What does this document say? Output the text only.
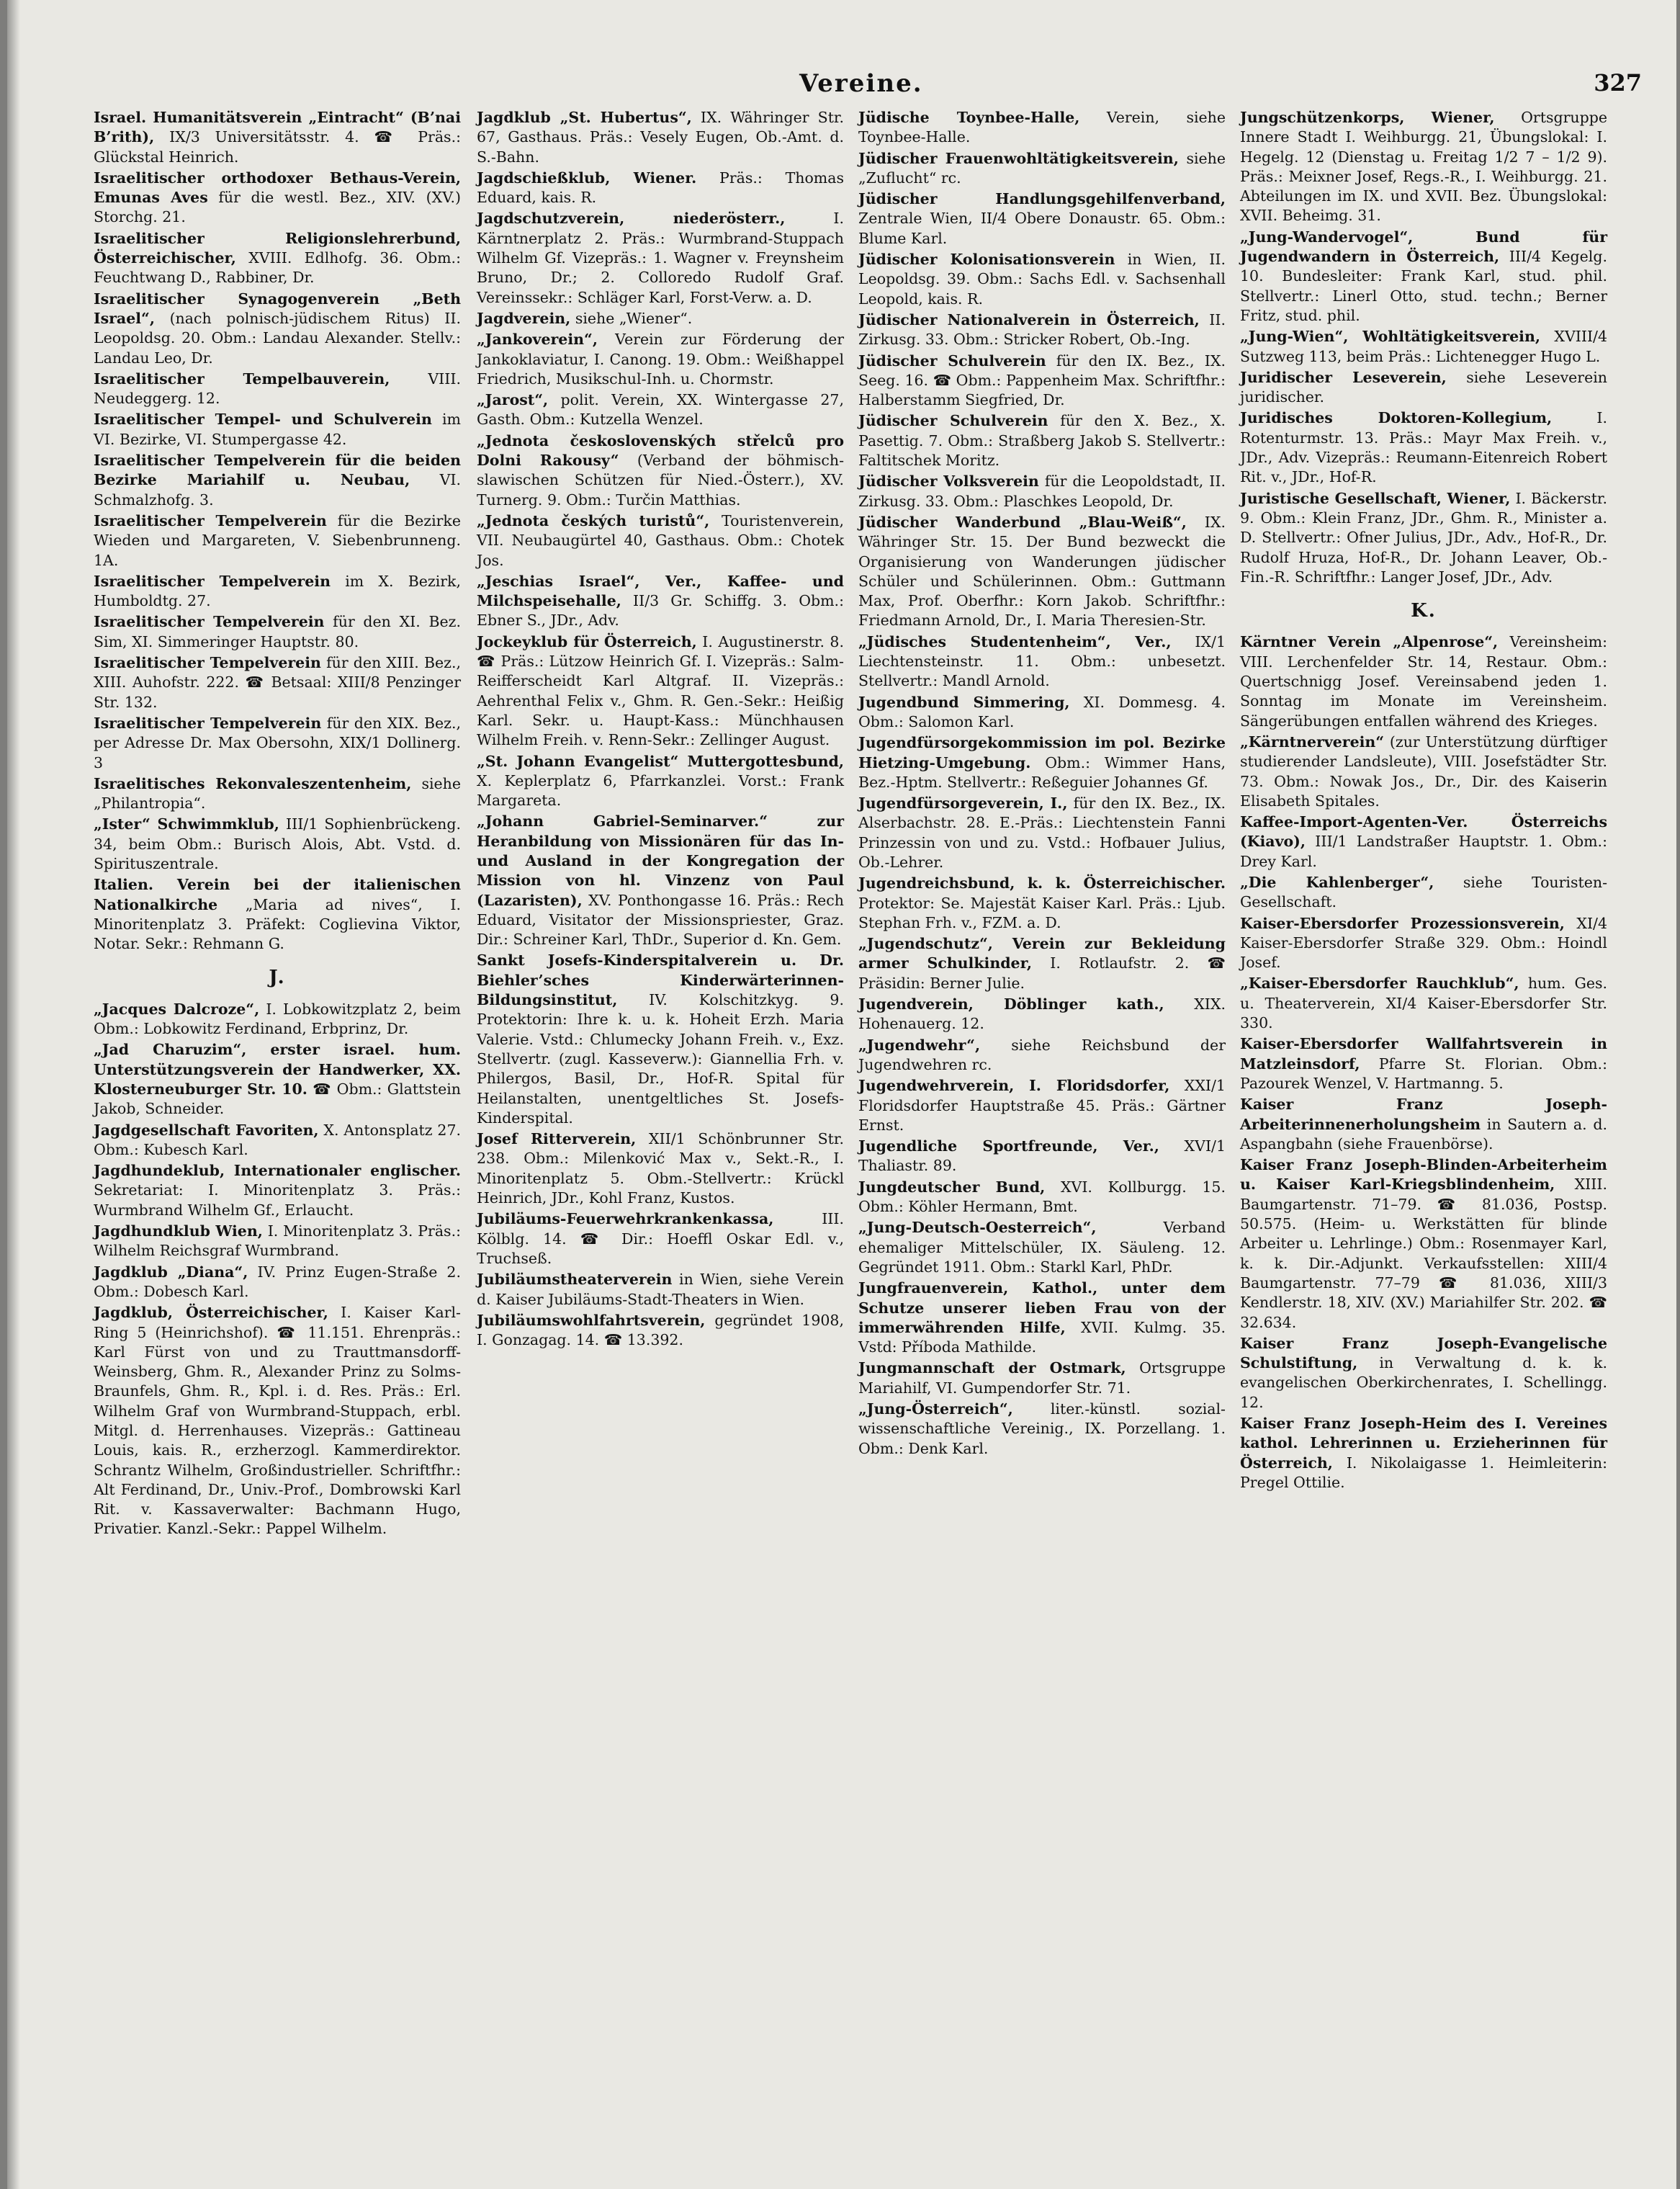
Vereine.	327

Israel. Humanitätsverein „Eintracht“ (B’nai B’rith), IX/3 Universitätsstr. 4. ☎ Präs.: Glückstal Heinrich.

Israelitischer orthodoxer Bethaus-Verein, Emunas Aves für die westl. Bez., XIV. (XV.) Storchg. 21.

Israelitischer Religionslehrerbund, Österreichischer, XVIII. Edlhofg. 36. Obm.: Feuchtwang D., Rabbiner, Dr.

Israelitischer Synagogenverein „Beth Israel“, (nach polnisch-jüdischem Ritus) II. Leopoldsg. 20. Obm.: Landau Alexander. Stellv.: Landau Leo, Dr.

Israelitischer Tempelbauverein,	VIII. Neudeggerg. 12.

Israelitischer Tempel- und Schulverein im VI. Bezirke, VI. Stumpergasse 42.

Israelitischer Tempelverein für die beiden Bezirke Mariahilf u. Neubau, VI. Schmalzhofg. 3.

Israelitischer Tempelverein für die Bezirke Wieden und Margareten, V. Siebenbrunneng. 1A.

Israelitischer Tempelverein im X. Bezirk, Humboldtg. 27.

Israelitischer Tempelverein für den XI. Bez. Sim, XI. Simmeringer Hauptstr. 80.

Israelitischer Tempelverein für den XIII. Bez., XIII. Auhofstr. 222. ☎ Betsaal: XIII/8 Penzinger Str. 132.

Israelitischer Tempelverein für den XIX. Bez., per Adresse Dr. Max Obersohn, XIX/1 Dollinerg. 3

Israelitisches Rekonvaleszentenheim, siehe „Philantropia“.

„Ister“ Schwimmklub, III/1 Sophienbrückeng. 34, beim Obm.: Burisch Alois, Abt. Vstd. d. Spirituszentrale.

Italien. Verein bei der italienischen Nationalkirche „Maria ad nives“, I. Minoritenplatz 3. Präfekt: Coglievina Viktor, Notar. Sekr.: Rehmann G.

J.

„Jacques Dalcroze“, I. Lobkowitzplatz 2, beim Obm.: Lobkowitz Ferdinand, Erbprinz, Dr.

„Jad Charuzim“, erster israel. hum. Unterstützungsverein der Handwerker, XX. Klosterneuburger Str. 10. ☎ Obm.: Glattstein Jakob, Schneider.

Jagdgesellschaft Favoriten, X. Antonsplatz 27. Obm.: Kubesch Karl.

Jagdhundeklub, Internationaler englischer. Sekretariat: I. Minoritenplatz 3. Präs.: Wurmbrand Wilhelm Gf., Erlaucht.

Jagdhundklub Wien, I. Minoritenplatz 3. Präs.: Wilhelm Reichsgraf Wurmbrand.

Jagdklub „Diana“, IV. Prinz Eugen-Straße 2. Obm.: Dobesch Karl.

Jagdklub, Österreichischer, I. Kaiser Karl-Ring 5 (Heinrichshof). ☎ 11.151. Ehrenpräs.: Karl Fürst von und zu Trauttmansdorff-Weinsberg, Ghm. R., Alexander Prinz zu Solms-Braunfels, Ghm. R., Kpl. i. d. Res. Präs.: Erl. Wilhelm Graf von Wurmbrand-Stuppach, erbl. Mitgl. d. Herrenhauses. Vizepräs.: Gattineau Louis, kais. R., erzherzogl. Kammerdirektor. Schrantz Wilhelm, Großindustrieller. Schriftfhr.: Alt Ferdinand, Dr., Univ.-Prof., Dombrowski Karl Rit. v. Kassaverwalter: Bachmann Hugo, Privatier. Kanzl.-Sekr.: Pappel Wilhelm.

Jagdklub „St. Hubertus“, IX. Währinger Str. 67, Gasthaus. Präs.: Vesely Eugen, Ob.-Amt. d. S.-Bahn.

Jagdschießklub, Wiener. Präs.: Thomas Eduard, kais. R.

Jagdschutzverein, niederösterr.,	I. Kärntnerplatz 2. Präs.: Wurmbrand-Stuppach Wilhelm Gf. Vizepräs.: 1. Wagner v. Freynsheim Bruno, Dr.; 2. Colloredo Rudolf Graf. Vereinssekr.: Schläger Karl, Forst-Verw. a. D.

Jagdverein, siehe „Wiener“.

„Jankoverein“, Verein zur Förderung der Jankoklaviatur, I. Canong. 19. Obm.: Weißhappel Friedrich, Musikschul-Inh. u. Chormstr.

„Jarost“, polit. Verein, XX. Wintergasse 27, Gasth. Obm.: Kutzella Wenzel.

„Jednota československých střelců pro Dolni Rakousy“ (Verband der böhmisch-slawischen Schützen für Nied.-Österr.), XV. Turnerg. 9. Obm.: Turčin Matthias.

„Jednota českých turistů“, Touristenverein, VII. Neubaugürtel 40, Gasthaus. Obm.: Chotek Jos.

„Jeschias Israel“, Ver., Kaffee- und Milchspeisehalle, II/3 Gr. Schiffg. 3. Obm.: Ebner S., JDr., Adv.

Jockeyklub für Österreich, I. Augustinerstr. 8. ☎ Präs.: Lützow Heinrich Gf. I. Vizepräs.: Salm-Reifferscheidt Karl Altgraf. II. Vizepräs.: Aehrenthal Felix v., Ghm. R. Gen.-Sekr.: Heißig Karl. Sekr. u. Haupt-Kass.: Münchhausen Wilhelm Freih. v. Renn-Sekr.: Zellinger August.

„St. Johann Evangelist“ Muttergottesbund, X. Keplerplatz 6, Pfarrkanzlei. Vorst.: Frank Margareta.

„Johann Gabriel-Seminarver.“ zur Heranbildung von Missionären für das In- und Ausland in der Kongregation der Mission von hl. Vinzenz von Paul (Lazaristen), XV. Ponthongasse 16. Präs.: Rech Eduard, Visitator der Missionspriester, Graz. Dir.: Schreiner Karl, ThDr., Superior d. Kn. Gem.

Sankt Josefs-Kinderspitalverein u. Dr. Biehler’sches Kinderwärterinnen-Bildungsinstitut, IV. Kolschitzkyg. 9. Protektorin: Ihre k. u. k. Hoheit Erzh. Maria Valerie. Vstd.: Chlumecky Johann Freih. v., Exz. Stellvertr. (zugl. Kasseverw.): Giannellia Frh. v. Philergos, Basil, Dr., Hof-R. Spital für Heilanstalten, unentgeltliches St. Josefs-Kinderspital.

Josef Ritterverein, XII/1 Schönbrunner Str. 238. Obm.: Milenković Max v., Sekt.-R., I. Minoritenplatz 5. Obm.-Stellvertr.: Krückl Heinrich, JDr., Kohl Franz, Kustos.

Jubiläums-Feuerwehrkrankenkassa,	III. Kölblg. 14. ☎ Dir.: Hoeffl Oskar Edl. v., Truchseß.

Jubiläumstheaterverein in Wien, siehe Verein d. Kaiser Jubiläums-Stadt-Theaters in Wien.

Jubiläumswohlfahrtsverein, gegründet 1908, I. Gonzagag. 14. ☎ 13.392.

Jüdische Toynbee-Halle, Verein, siehe Toynbee-Halle.

Jüdischer Frauenwohltätigkeitsverein, siehe „Zuflucht“ rc.

Jüdischer Handlungsgehilfenverband, Zentrale Wien, II/4 Obere Donaustr. 65. Obm.: Blume Karl.

Jüdischer Kolonisationsverein in Wien, II. Leopoldsg. 39. Obm.: Sachs Edl. v. Sachsenhall Leopold, kais. R.

Jüdischer Nationalverein in Österreich, II. Zirkusg. 33. Obm.: Stricker Robert, Ob.-Ing.

Jüdischer Schulverein für den IX. Bez., IX. Seeg. 16. ☎ Obm.: Pappenheim Max. Schriftfhr.: Halberstamm Siegfried, Dr.

Jüdischer Schulverein für den X. Bez., X. Pasettig. 7. Obm.: Straßberg Jakob S. Stellvertr.: Faltitschek Moritz.

Jüdischer Volksverein für die Leopoldstadt, II. Zirkusg. 33. Obm.: Plaschkes Leopold, Dr.

Jüdischer Wanderbund „Blau-Weiß“, IX. Währinger Str. 15. Der Bund bezweckt die Organisierung von Wanderungen jüdischer Schüler und Schülerinnen. Obm.: Guttmann Max, Prof. Oberfhr.: Korn Jakob. Schriftfhr.: Friedmann Arnold, Dr., I. Maria Theresien-Str.

„Jüdisches Studentenheim“, Ver., IX/1 Liechtensteinstr. 11. Obm.: unbesetzt. Stellvertr.: Mandl Arnold.

Jugendbund Simmering, XI. Dommesg. 4. Obm.: Salomon Karl.

Jugendfürsorgekommission im pol. Bezirke Hietzing-Umgebung. Obm.: Wimmer Hans, Bez.-Hptm. Stellvertr.: Reßeguier Johannes Gf.

Jugendfürsorgeverein, I., für den IX. Bez., IX. Alserbachstr. 28. E.-Präs.: Liechtenstein Fanni Prinzessin von und zu. Vstd.: Hofbauer Julius, Ob.-Lehrer.

Jugendreichsbund, k. k. Österreichischer. Protektor: Se. Majestät Kaiser Karl. Präs.: Ljub. Stephan Frh. v., FZM. a. D.

„Jugendschutz“, Verein zur Bekleidung armer Schulkinder, I. Rotlaufstr. 2. ☎ Präsidin: Berner Julie.

Jugendverein, Döblinger kath., XIX. Hohenauerg. 12.

„Jugendwehr“, siehe Reichsbund der Jugendwehren rc.

Jugendwehrverein, I. Floridsdorfer, XXI/1 Floridsdorfer Hauptstraße 45. Präs.: Gärtner Ernst.

Jugendliche Sportfreunde, Ver., XVI/1 Thaliastr. 89.

Jungdeutscher Bund, XVI. Kollburgg. 15. Obm.: Köhler Hermann, Bmt.

„Jung-Deutsch-Oesterreich“,	Verband ehemaliger Mittelschüler, IX. Säuleng. 12. Gegründet 1911. Obm.: Starkl Karl, PhDr.

Jungfrauenverein, Kathol., unter dem Schutze unserer lieben Frau von der immerwährenden Hilfe, XVII. Kulmg. 35. Vstd: Příboda Mathilde.

Jungmannschaft der Ostmark, Ortsgruppe Mariahilf, VI. Gumpendorfer Str. 71.

„Jung-Österreich“,	liter.-künstl. sozial-wissenschaftliche Vereinig., IX. Porzellang. 1. Obm.: Denk Karl.

Jungschützenkorps, Wiener, Ortsgruppe Innere Stadt I. Weihburgg. 21, Übungslokal: I. Hegelg. 12 (Dienstag u. Freitag 1/2 7 – 1/2 9). Präs.: Meixner Josef, Regs.-R., I. Weihburgg. 21. Abteilungen im IX. und XVII. Bez. Übungslokal: XVII. Beheimg. 31.

„Jung-Wandervogel“, Bund für Jugendwandern in Österreich, III/4 Kegelg. 10. Bundesleiter: Frank Karl, stud. phil. Stellvertr.: Linerl Otto, stud. techn.; Berner Fritz, stud. phil.

„Jung-Wien“, Wohltätigkeitsverein, XVIII/4 Sutzweg 113, beim Präs.: Lichtenegger Hugo L.

Juridischer Leseverein, siehe Leseverein juridischer.

Juridisches Doktoren-Kollegium,	I. Rotenturmstr. 13. Präs.: Mayr Max Freih. v., JDr., Adv. Vizepräs.: Reumann-Eitenreich Robert Rit. v., JDr., Hof-R.

Juristische Gesellschaft, Wiener, I. Bäckerstr. 9. Obm.: Klein Franz, JDr., Ghm. R., Minister a. D. Stellvertr.: Ofner Julius, JDr., Adv., Hof-R., Dr. Rudolf Hruza, Hof-R., Dr. Johann Leaver, Ob.-Fin.-R. Schriftfhr.: Langer Josef, JDr., Adv.

K.

Kärntner Verein „Alpenrose“, Vereinsheim: VIII. Lerchenfelder Str. 14, Restaur. Obm.: Quertschnigg Josef. Vereinsabend jeden 1. Sonntag im Monate im Vereinsheim. Sängerübungen entfallen während des Krieges.

„Kärntnerverein“ (zur Unterstützung dürftiger studierender Landsleute), VIII. Josefstädter Str. 73. Obm.: Nowak Jos., Dr., Dir. des Kaiserin Elisabeth Spitales.

Kaffee-Import-Agenten-Ver. Österreichs (Kiavo), III/1 Landstraßer Hauptstr. 1. Obm.: Drey Karl.

„Die Kahlenberger“, siehe Touristen-Gesellschaft.

Kaiser-Ebersdorfer Prozessionsverein, XI/4 Kaiser-Ebersdorfer Straße 329. Obm.: Hoindl Josef.

„Kaiser-Ebersdorfer Rauchklub“, hum. Ges. u. Theaterverein, XI/4 Kaiser-Ebersdorfer Str. 330.

Kaiser-Ebersdorfer Wallfahrtsverein in Matzleinsdorf, Pfarre St. Florian. Obm.: Pazourek Wenzel, V. Hartmanng. 5.

Kaiser Franz Joseph-Arbeiterinnenerholungsheim in Sautern a. d. Aspangbahn (siehe Frauenbörse).

Kaiser Franz Joseph-Blinden-Arbeiterheim u. Kaiser Karl-Kriegsblindenheim, XIII. Baumgartenstr. 71–79. ☎ 81.036, Postsp. 50.575. (Heim- u. Werkstätten für blinde Arbeiter u. Lehrlinge.) Obm.: Rosenmayer Karl, k. k. Dir.-Adjunkt. Verkaufsstellen: XIII/4 Baumgartenstr. 77–79 ☎ 81.036, XIII/3 Kendlerstr. 18, XIV. (XV.) Mariahilfer Str. 202. ☎ 32.634.

Kaiser Franz Joseph-Evangelische Schulstiftung, in Verwaltung d. k. k. evangelischen Oberkirchenrates, I. Schellingg. 12.

Kaiser Franz Joseph-Heim des I. Vereines kathol. Lehrerinnen u. Erzieherinnen für Österreich, I. Nikolaigasse 1. Heimleiterin: Pregel Ottilie.
